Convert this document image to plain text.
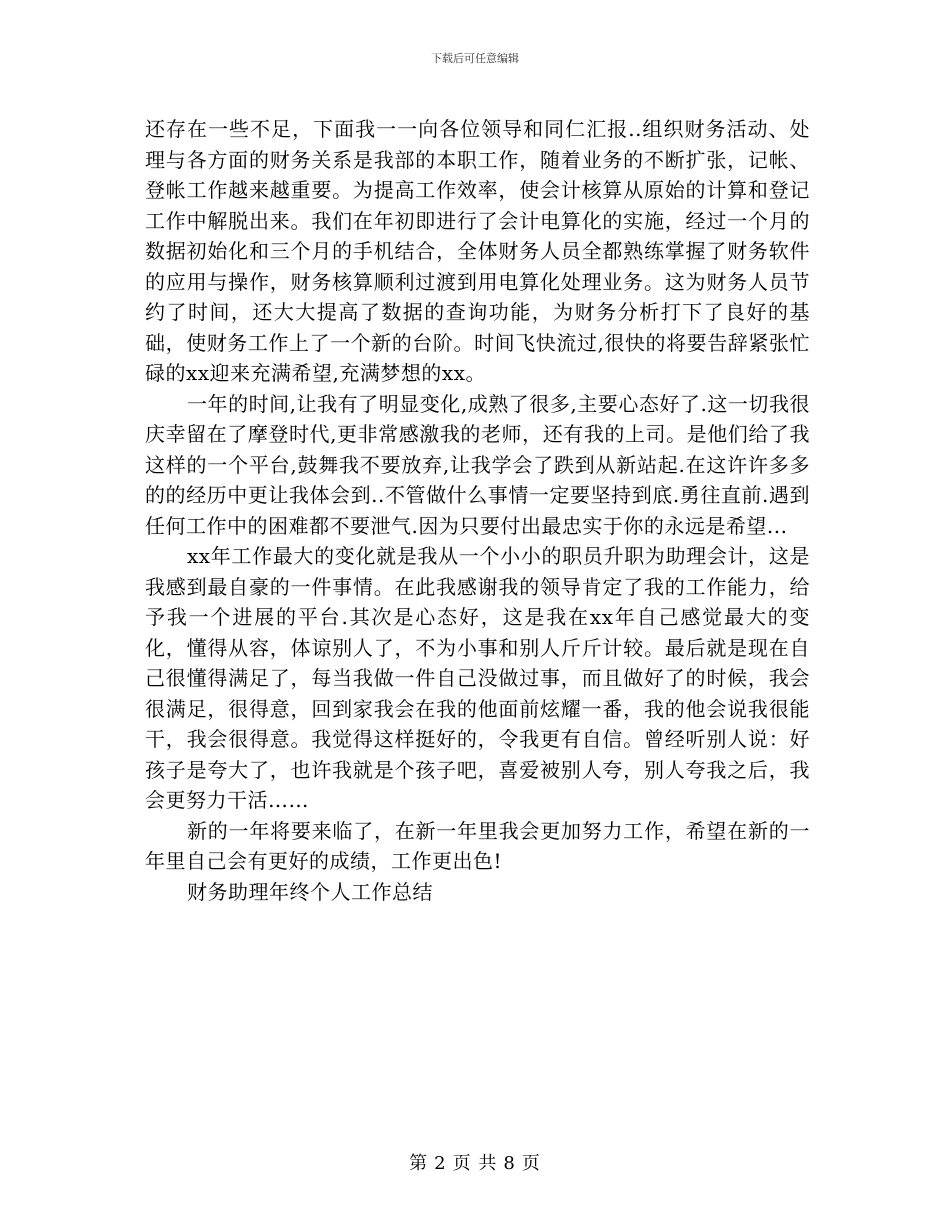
下载后可任意编辑

还存在一些不足，下面我一一向各位领导和同仁汇报..组织财务活动、处理与各方面的财务关系是我部的本职工作，随着业务的不断扩张，记帐、登帐工作越来越重要。为提高工作效率，使会计核算从原始的计算和登记工作中解脱出来。我们在年初即进行了会计电算化的实施，经过一个月的数据初始化和三个月的手机结合，全体财务人员全都熟练掌握了财务软件的应用与操作，财务核算顺利过渡到用电算化处理业务。这为财务人员节约了时间，还大大提高了数据的查询功能，为财务分析打下了良好的基础，使财务工作上了一个新的台阶。时间飞快流过,很快的将要告辞紧张忙碌的xx迎来充满希望,充满梦想的xx。

一年的时间,让我有了明显变化,成熟了很多,主要心态好了.这一切我很庆幸留在了摩登时代,更非常感激我的老师，还有我的上司。是他们给了我这样的一个平台,鼓舞我不要放弃,让我学会了跌到从新站起.在这许许多多的的经历中更让我体会到..不管做什么事情一定要坚持到底.勇往直前.遇到任何工作中的困难都不要泄气.因为只要付出最忠实于你的永远是希望...

xx年工作最大的变化就是我从一个小小的职员升职为助理会计，这是我感到最自豪的一件事情。在此我感谢我的领导肯定了我的工作能力，给予我一个进展的平台.其次是心态好，这是我在xx年自己感觉最大的变化，懂得从容，体谅别人了，不为小事和别人斤斤计较。最后就是现在自己很懂得满足了，每当我做一件自己没做过事，而且做好了的时候，我会很满足，很得意，回到家我会在我的他面前炫耀一番，我的他会说我很能干，我会很得意。我觉得这样挺好的，令我更有自信。曾经听别人说：好孩子是夸大了，也许我就是个孩子吧，喜爱被别人夸，别人夸我之后，我会更努力干活……

新的一年将要来临了，在新一年里我会更加努力工作，希望在新的一年里自己会有更好的成绩，工作更出色!

财务助理年终个人工作总结

第 2 页 共 8 页
